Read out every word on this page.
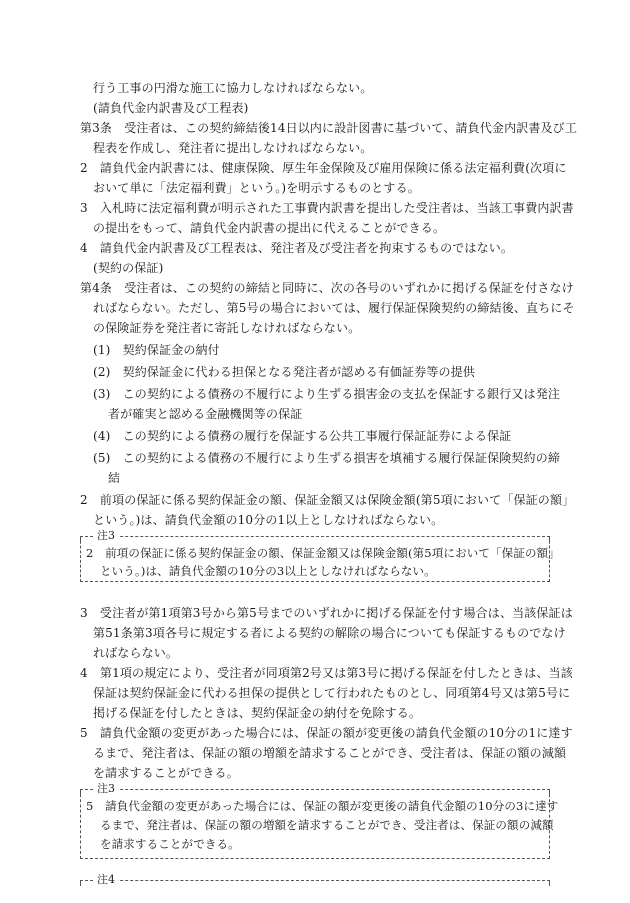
行う工事の円滑な施工に協力しなければならない。
(請負代金内訳書及び工程表)
第3条　受注者は、この契約締結後14日以内に設計図書に基づいて、請負代金内訳書及び工
程表を作成し、発注者に提出しなければならない。
2　請負代金内訳書には、健康保険、厚生年金保険及び雇用保険に係る法定福利費(次項に
おいて単に「法定福利費」という。)を明示するものとする。
3　入札時に法定福利費が明示された工事費内訳書を提出した受注者は、当該工事費内訳書
の提出をもって、請負代金内訳書の提出に代えることができる。
4　請負代金内訳書及び工程表は、発注者及び受注者を拘束するものではない。
(契約の保証)
第4条　受注者は、この契約の締結と同時に、次の各号のいずれかに掲げる保証を付さなけ
ればならない。ただし、第5号の場合においては、履行保証保険契約の締結後、直ちにそ
の保険証券を発注者に寄託しなければならない。
(1)　契約保証金の納付
(2)　契約保証金に代わる担保となる発注者が認める有価証券等の提供
(3)　この契約による債務の不履行により生ずる損害金の支払を保証する銀行又は発注
者が確実と認める金融機関等の保証
(4)　この契約による債務の履行を保証する公共工事履行保証証券による保証
(5)　この契約による債務の不履行により生ずる損害を填補する履行保証保険契約の締
結
2　前項の保証に係る契約保証金の額、保証金額又は保険金額(第5項において「保証の額」
という。)は、請負代金額の10分の1以上としなければならない。
注3
2　前項の保証に係る契約保証金の額、保証金額又は保険金額(第5項において「保証の額」
という。)は、請負代金額の10分の3以上としなければならない。
3　受注者が第1項第3号から第5号までのいずれかに掲げる保証を付す場合は、当該保証は
第51条第3項各号に規定する者による契約の解除の場合についても保証するものでなけ
ればならない。
4　第1項の規定により、受注者が同項第2号又は第3号に掲げる保証を付したときは、当該
保証は契約保証金に代わる担保の提供として行われたものとし、同項第4号又は第5号に
掲げる保証を付したときは、契約保証金の納付を免除する。
5　請負代金額の変更があった場合には、保証の額が変更後の請負代金額の10分の1に達す
るまで、発注者は、保証の額の増額を請求することができ、受注者は、保証の額の減額
を請求することができる。
注3
5　請負代金額の変更があった場合には、保証の額が変更後の請負代金額の10分の3に達す
るまで、発注者は、保証の額の増額を請求することができ、受注者は、保証の額の減額
を請求することができる。
注4
